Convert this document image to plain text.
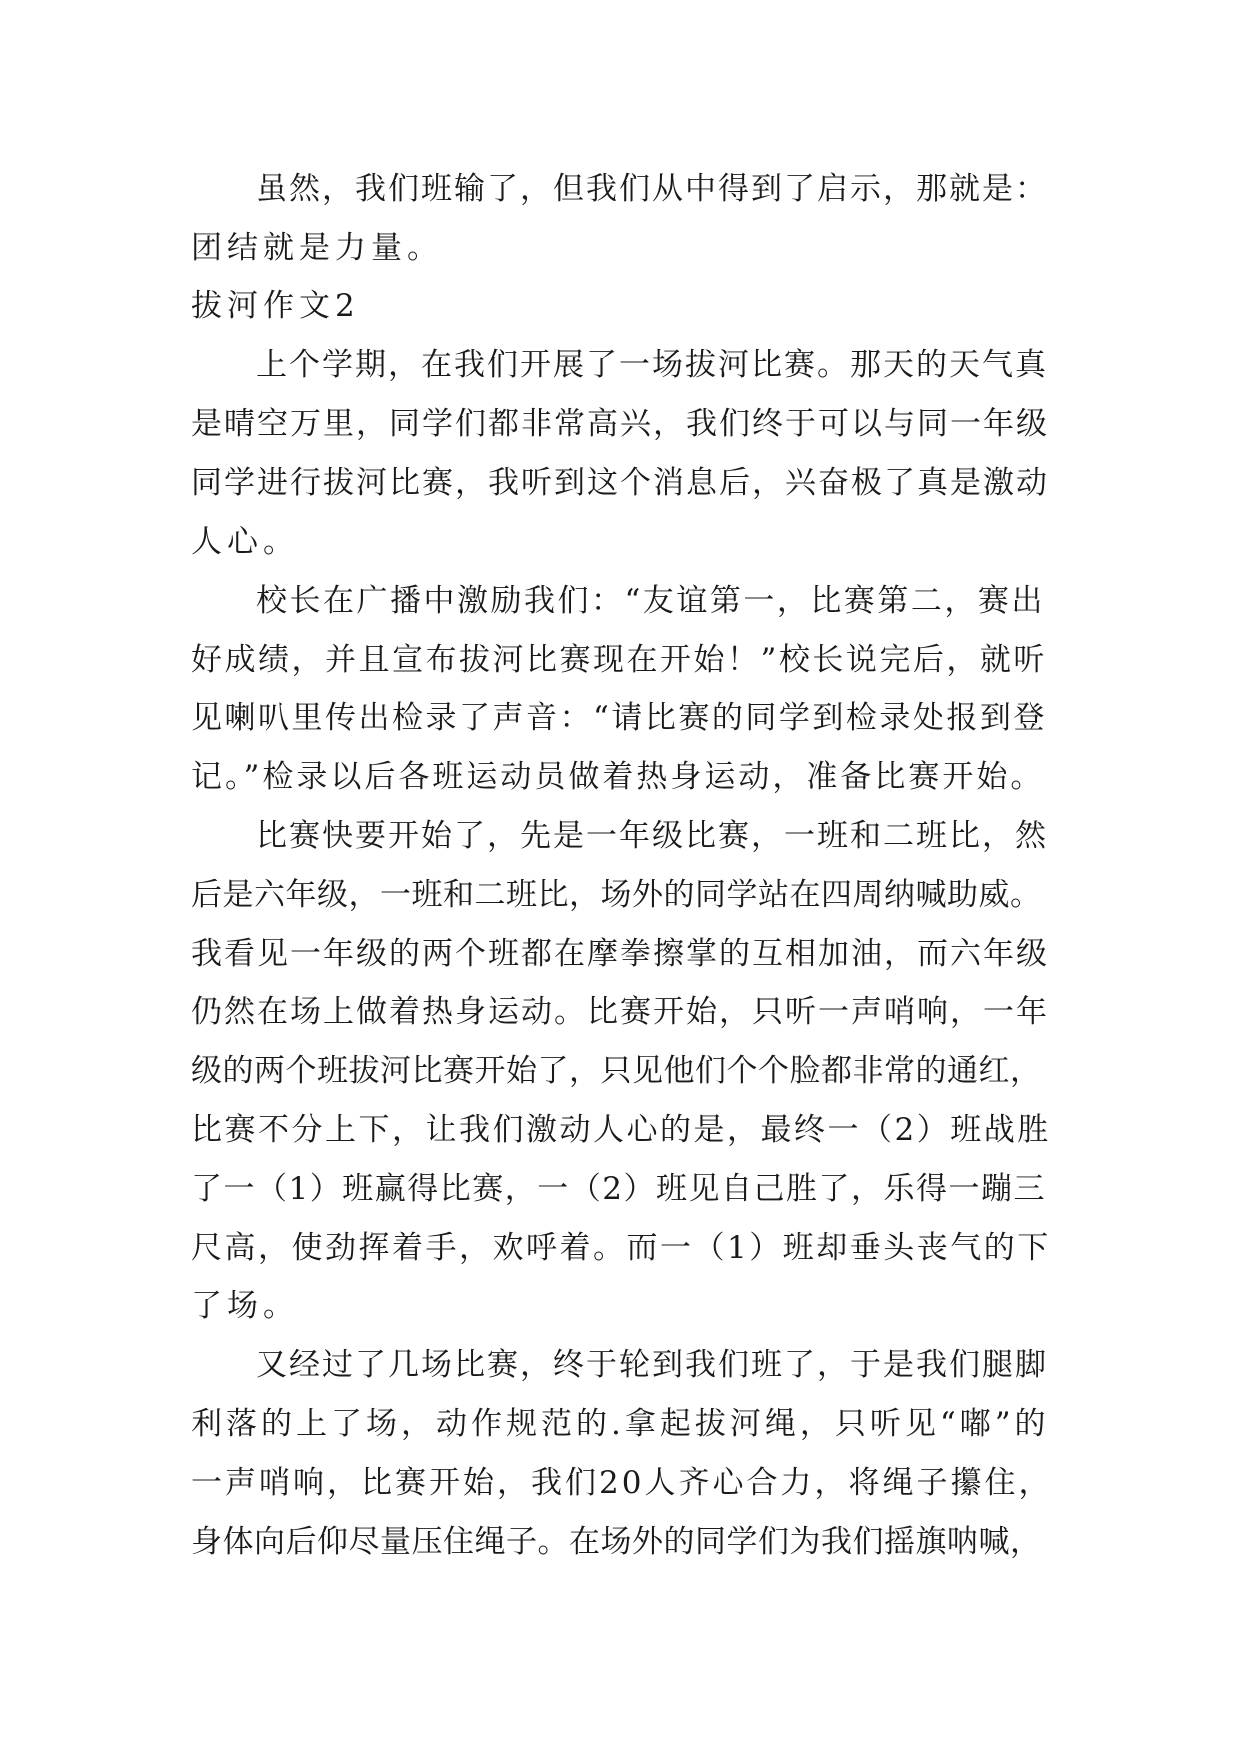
虽然，我们班输了，但我们从中得到了启示，那就是：

团结就是力量。

拔河作文2

上个学期，在我们开展了一场拔河比赛。那天的天气真

是晴空万里，同学们都非常高兴，我们终于可以与同一年级

同学进行拔河比赛，我听到这个消息后，兴奋极了真是激动

人心。

校长在广播中激励我们：“友谊第一，比赛第二，赛出

好成绩，并且宣布拔河比赛现在开始！”校长说完后，就听

见喇叭里传出检录了声音：“请比赛的同学到检录处报到登

记。”检录以后各班运动员做着热身运动，准备比赛开始。

比赛快要开始了，先是一年级比赛，一班和二班比，然

后是六年级，一班和二班比，场外的同学站在四周纳喊助威。

我看见一年级的两个班都在摩拳擦掌的互相加油，而六年级

仍然在场上做着热身运动。比赛开始，只听一声哨响，一年

级的两个班拔河比赛开始了，只见他们个个脸都非常的通红，

比赛不分上下，让我们激动人心的是，最终一（2）班战胜

了一（1）班赢得比赛，一（2）班见自己胜了，乐得一蹦三

尺高，使劲挥着手，欢呼着。而一（1）班却垂头丧气的下

了场。

又经过了几场比赛，终于轮到我们班了，于是我们腿脚

利落的上了场，动作规范的.拿起拔河绳，只听见“嘟”的

一声哨响，比赛开始，我们20人齐心合力，将绳子攥住，

身体向后仰尽量压住绳子。在场外的同学们为我们摇旗呐喊，
